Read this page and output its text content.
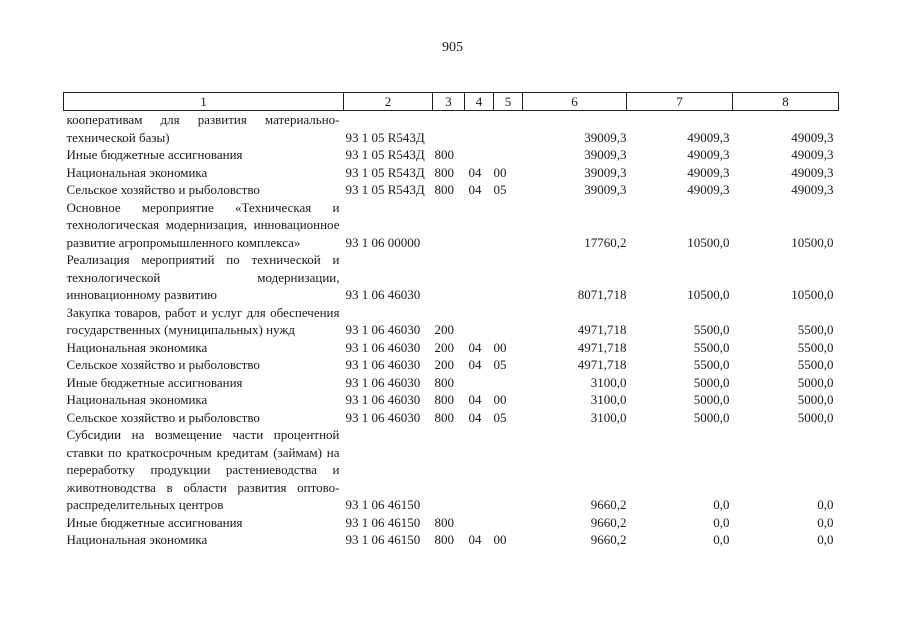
905
1	2	3	4	5	6	7	8
кооперативам для развития материально-технической базы)	93 1 05 R543Д				39009,3	49009,3	49009,3
Иные бюджетные ассигнования	93 1 05 R543Д	800			39009,3	49009,3	49009,3
Национальная экономика	93 1 05 R543Д	800	04	00	39009,3	49009,3	49009,3
Сельское хозяйство и рыболовство	93 1 05 R543Д	800	04	05	39009,3	49009,3	49009,3
Основное мероприятие «Техническая и технологическая модернизация, инновационное развитие агропромышленного комплекса»	93 1 06 00000				17760,2	10500,0	10500,0
Реализация мероприятий по технической и технологической модернизации, инновационному развитию	93 1 06 46030				8071,718	10500,0	10500,0
Закупка товаров, работ и услуг для обеспечения государственных (муниципальных) нужд	93 1 06 46030	200			4971,718	5500,0	5500,0
Национальная экономика	93 1 06 46030	200	04	00	4971,718	5500,0	5500,0
Сельское хозяйство и рыболовство	93 1 06 46030	200	04	05	4971,718	5500,0	5500,0
Иные бюджетные ассигнования	93 1 06 46030	800			3100,0	5000,0	5000,0
Национальная экономика	93 1 06 46030	800	04	00	3100,0	5000,0	5000,0
Сельское хозяйство и рыболовство	93 1 06 46030	800	04	05	3100,0	5000,0	5000,0
Субсидии на возмещение части процентной ставки по краткосрочным кредитам (займам) на переработку продукции растениеводства и животноводства в области развития оптово-распределительных центров	93 1 06 46150				9660,2	0,0	0,0
Иные бюджетные ассигнования	93 1 06 46150	800			9660,2	0,0	0,0
Национальная экономика	93 1 06 46150	800	04	00	9660,2	0,0	0,0
